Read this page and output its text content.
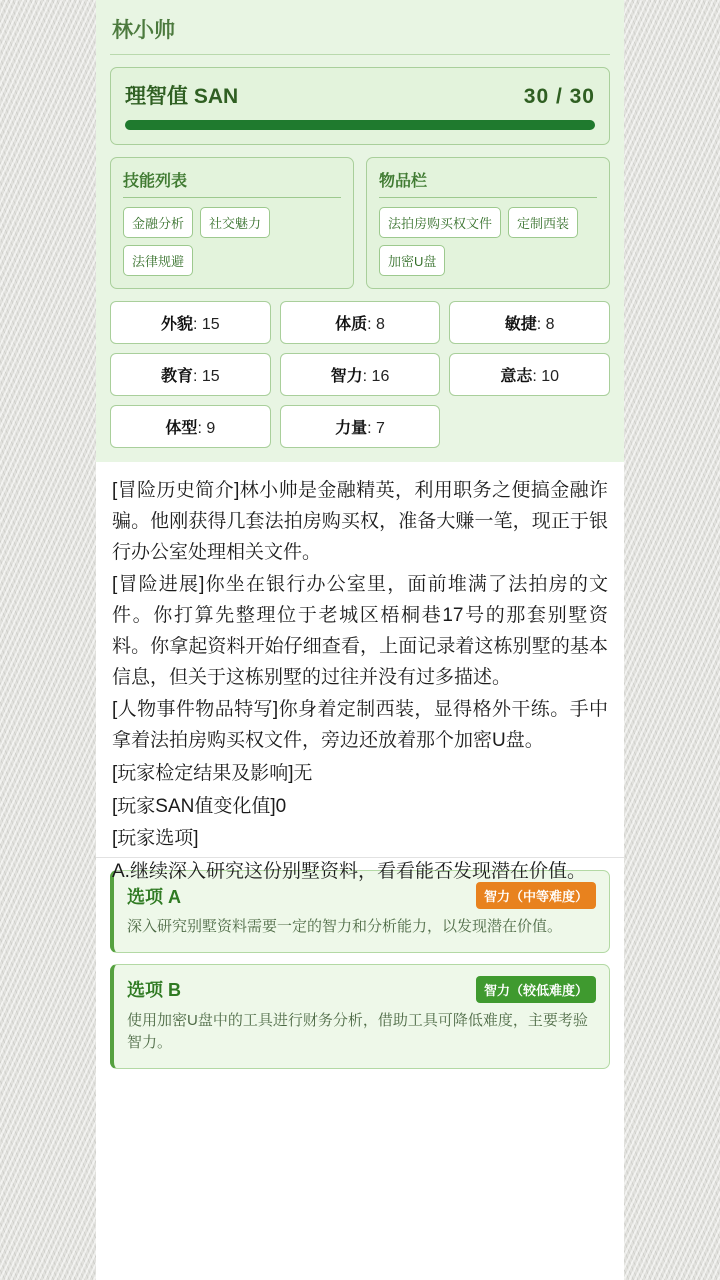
林小帅
理智值 SAN	30 / 30
技能列表
金融分析	社交魅力
法律规避
物品栏
法拍房购买权文件	定制西装
加密U盘
外貌: 15	体质: 8	敏捷: 8
教育: 15	智力: 16	意志: 10
体型: 9	力量: 7

[冒险历史简介]林小帅是金融精英，利用职务之便搞金融诈骗。他刚获得几套法拍房购买权，准备大赚一笔，现正于银行办公室处理相关文件。

[冒险进展]你坐在银行办公室里，面前堆满了法拍房的文件。你打算先整理位于老城区梧桐巷17号的那套别墅资料。你拿起资料开始仔细查看，上面记录着这栋别墅的基本信息，但关于这栋别墅的过往并没有过多描述。

[人物事件物品特写]你身着定制西装，显得格外干练。手中拿着法拍房购买权文件，旁边还放着那个加密U盘。

[玩家检定结果及影响]无

[玩家SAN值变化值]0

[玩家选项]

A.继续深入研究这份别墅资料，看看能否发现潜在价值。

选项 A	智力（中等难度）
深入研究别墅资料需要一定的智力和分析能力，以发现潜在价值。
选项 B	智力（较低难度）
使用加密U盘中的工具进行财务分析，借助工具可降低难度，主要考验智力。
